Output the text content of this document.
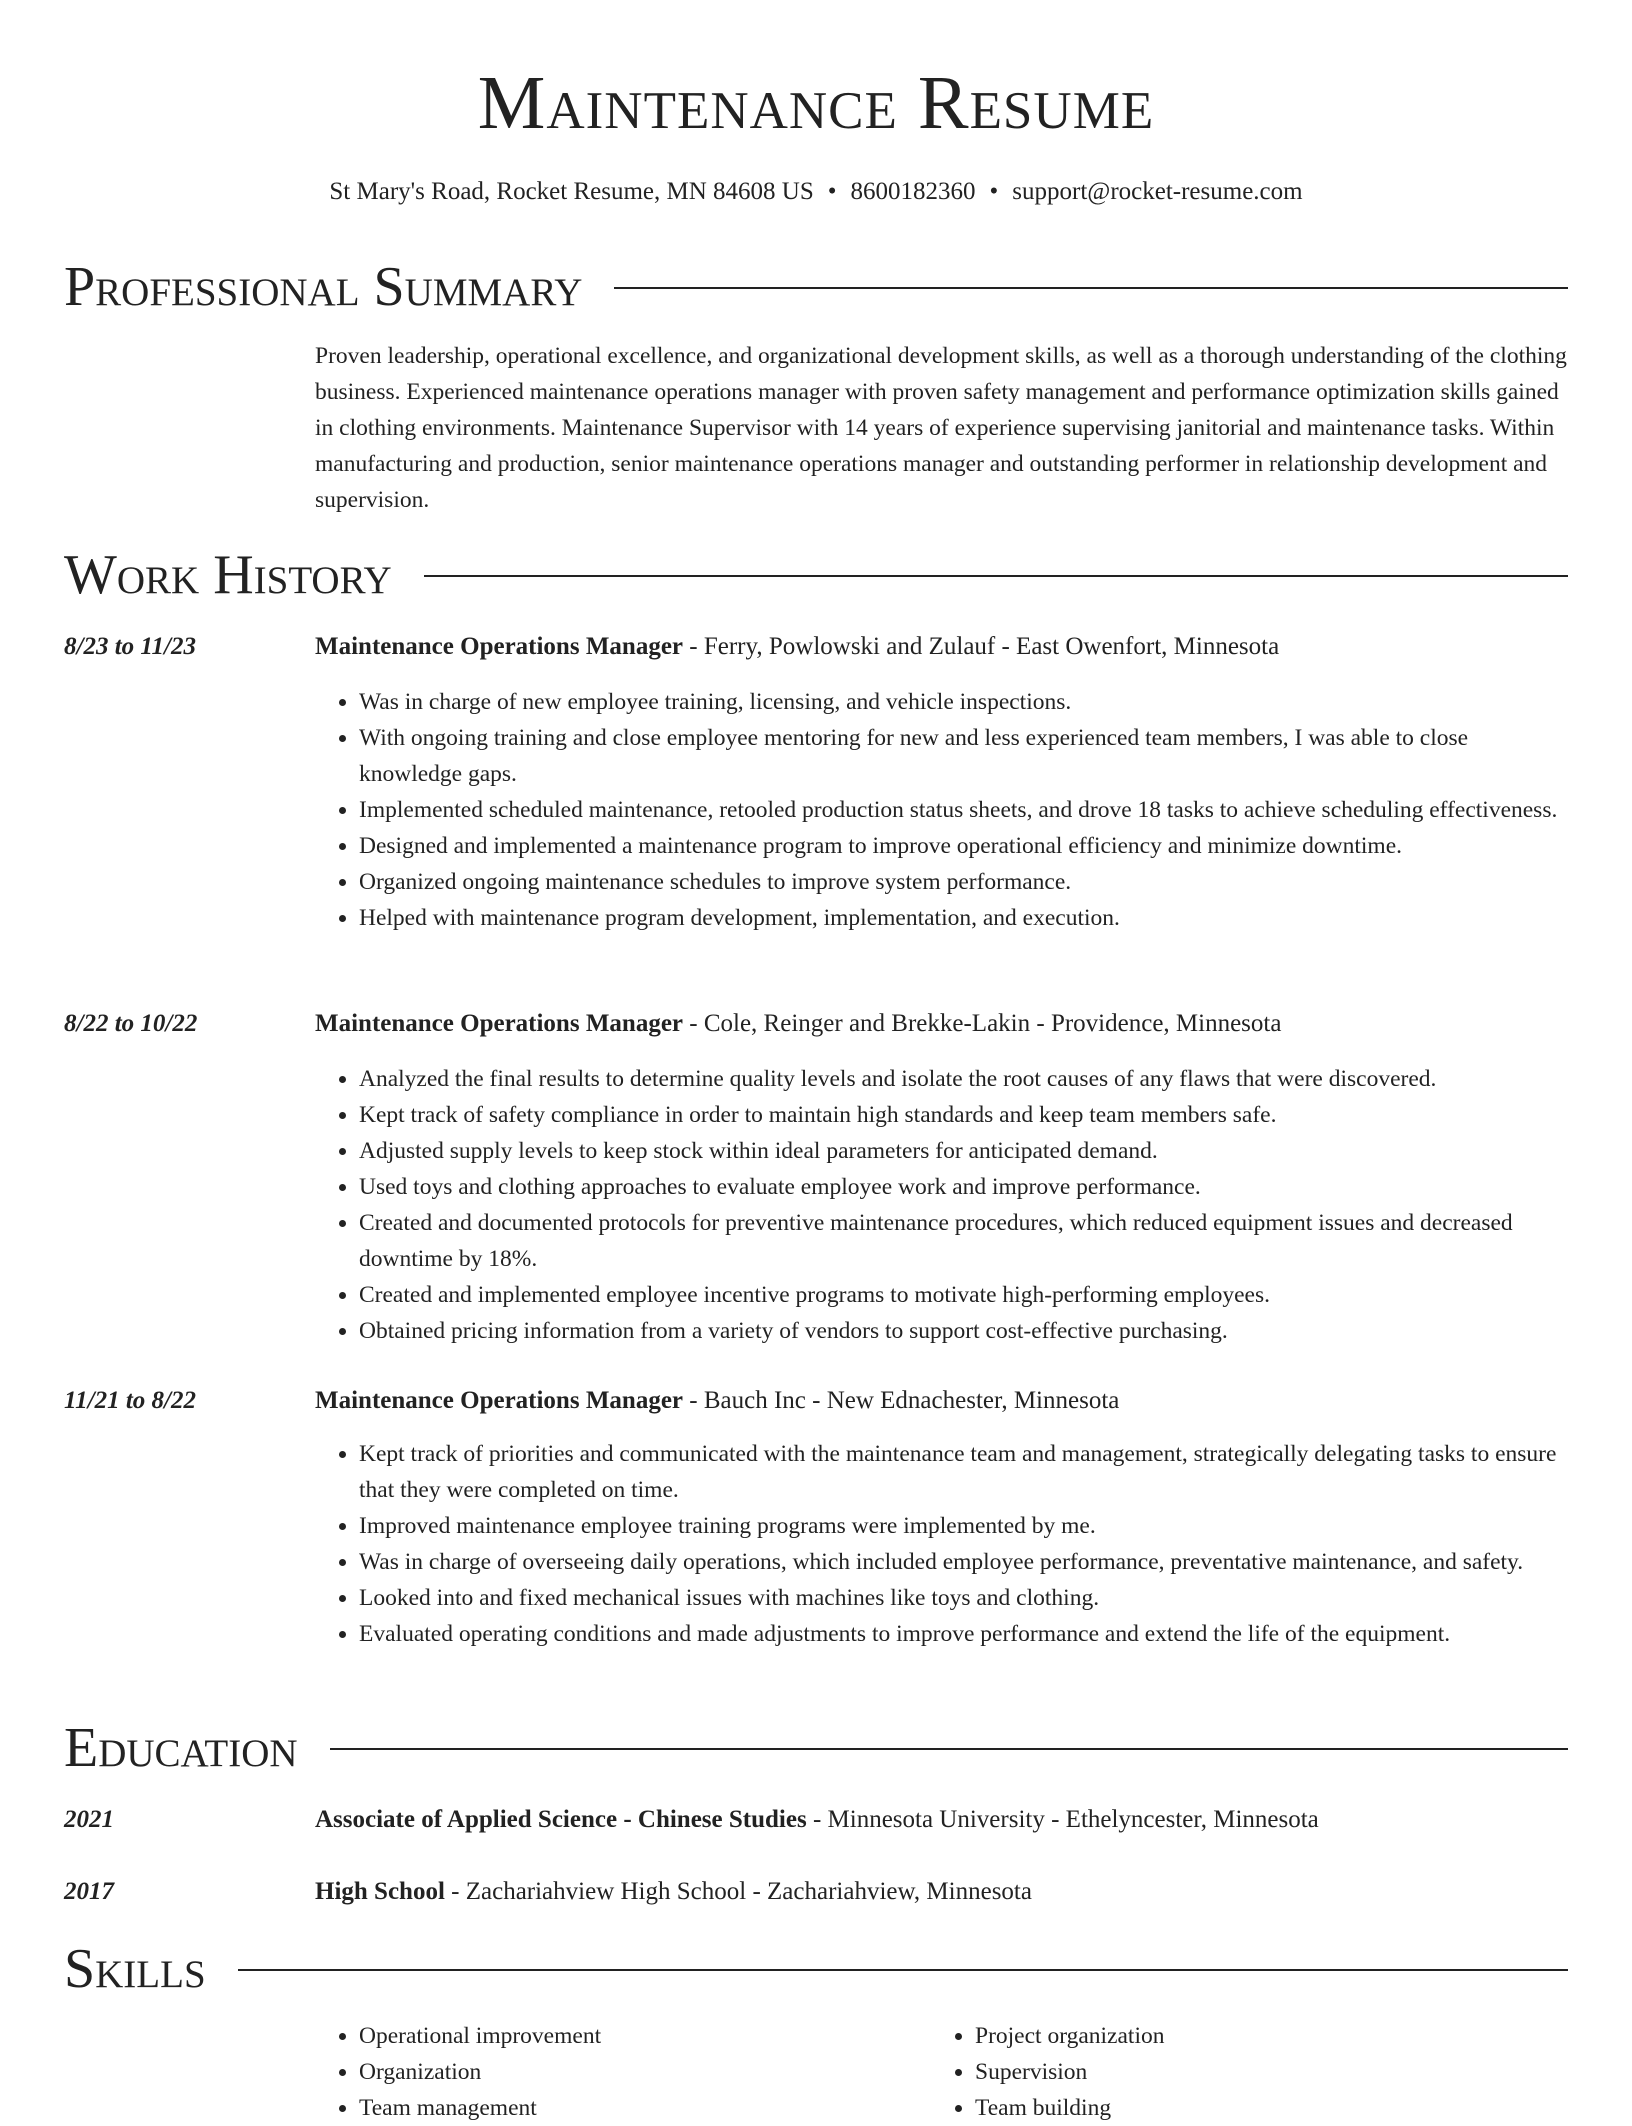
Maintenance Resume
St Mary's Road, Rocket Resume, MN 84608 US • 8600182360 • support@rocket-resume.com
Professional Summary
Proven leadership, operational excellence, and organizational development skills, as well as a thorough understanding of the clothing business. Experienced maintenance operations manager with proven safety management and performance optimization skills gained in clothing environments. Maintenance Supervisor with 14 years of experience supervising janitorial and maintenance tasks. Within manufacturing and production, senior maintenance operations manager and outstanding performer in relationship development and supervision.
Work History
8/23 to 11/23	Maintenance Operations Manager - Ferry, Powlowski and Zulauf - East Owenfort, Minnesota
• Was in charge of new employee training, licensing, and vehicle inspections.
• With ongoing training and close employee mentoring for new and less experienced team members, I was able to close knowledge gaps.
• Implemented scheduled maintenance, retooled production status sheets, and drove 18 tasks to achieve scheduling effectiveness.
• Designed and implemented a maintenance program to improve operational efficiency and minimize downtime.
• Organized ongoing maintenance schedules to improve system performance.
• Helped with maintenance program development, implementation, and execution.
8/22 to 10/22	Maintenance Operations Manager - Cole, Reinger and Brekke-Lakin - Providence, Minnesota
• Analyzed the final results to determine quality levels and isolate the root causes of any flaws that were discovered.
• Kept track of safety compliance in order to maintain high standards and keep team members safe.
• Adjusted supply levels to keep stock within ideal parameters for anticipated demand.
• Used toys and clothing approaches to evaluate employee work and improve performance.
• Created and documented protocols for preventive maintenance procedures, which reduced equipment issues and decreased downtime by 18%.
• Created and implemented employee incentive programs to motivate high-performing employees.
• Obtained pricing information from a variety of vendors to support cost-effective purchasing.
11/21 to 8/22	Maintenance Operations Manager - Bauch Inc - New Ednachester, Minnesota
• Kept track of priorities and communicated with the maintenance team and management, strategically delegating tasks to ensure that they were completed on time.
• Improved maintenance employee training programs were implemented by me.
• Was in charge of overseeing daily operations, which included employee performance, preventative maintenance, and safety.
• Looked into and fixed mechanical issues with machines like toys and clothing.
• Evaluated operating conditions and made adjustments to improve performance and extend the life of the equipment.
Education
2021	Associate of Applied Science - Chinese Studies - Minnesota University - Ethelyncester, Minnesota
2017	High School - Zachariahview High School - Zachariahview, Minnesota
Skills
• Operational improvement
• Organization
• Team management
• Project organization
• Supervision
• Team building
